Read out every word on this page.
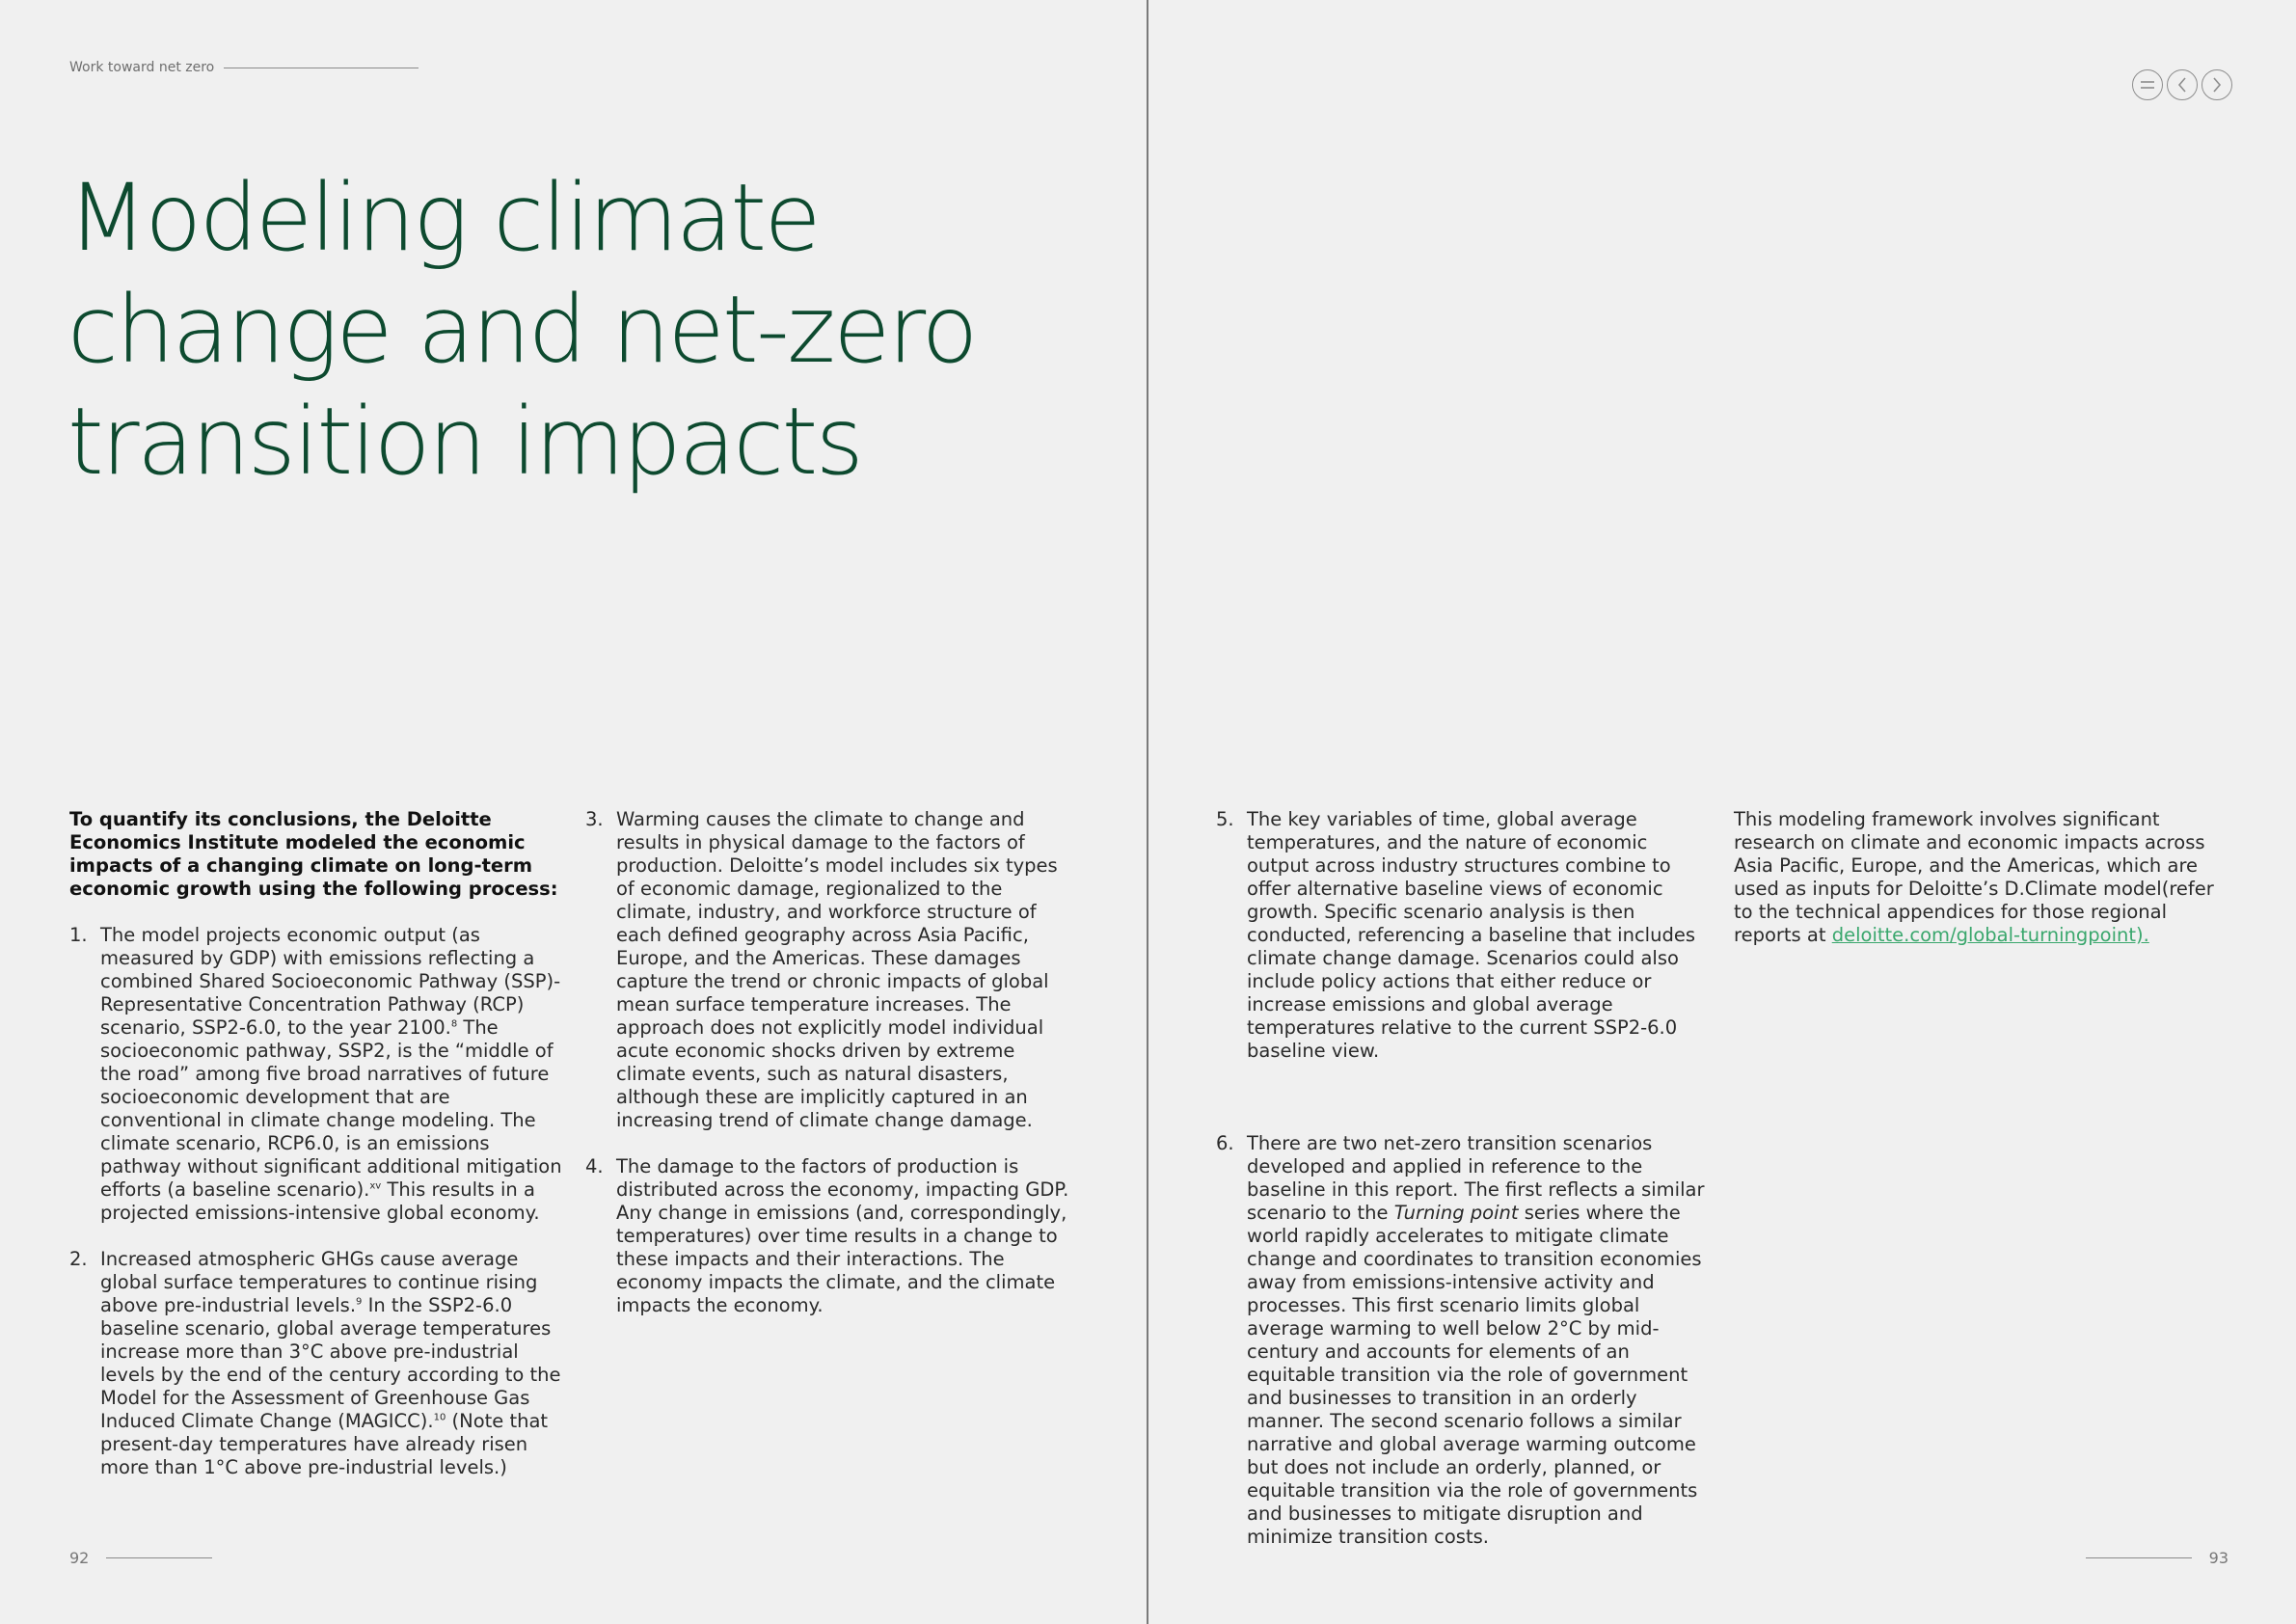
Work toward net zero
Modeling climate
change and net-zero
transition impacts

To quantify its conclusions, the Deloitte Economics Institute modeled the economic impacts of a changing climate on long-term economic growth using the following process:

1. The model projects economic output (as measured by GDP) with emissions reflecting a combined Shared Socioeconomic Pathway (SSP)-Representative Concentration Pathway (RCP) scenario, SSP2-6.0, to the year 2100.$^8$ The socioeconomic pathway, SSP2, is the “middle of the road” among five broad narratives of future socioeconomic development that are conventional in climate change modeling. The climate scenario, RCP6.0, is an emissions pathway without significant additional mitigation efforts (a baseline scenario).$^{xv}$ This results in a projected emissions-intensive global economy.

2. Increased atmospheric GHGs cause average global surface temperatures to continue rising above pre-industrial levels.$^9$ In the SSP2-6.0 baseline scenario, global average temperatures increase more than 3°C above pre-industrial levels by the end of the century according to the Model for the Assessment of Greenhouse Gas Induced Climate Change (MAGICC).$^{10}$ (Note that present-day temperatures have already risen more than 1°C above pre-industrial levels.)

3. Warming causes the climate to change and results in physical damage to the factors of production. Deloitte’s model includes six types of economic damage, regionalized to the climate, industry, and workforce structure of each defined geography across Asia Pacific, Europe, and the Americas. These damages capture the trend or chronic impacts of global mean surface temperature increases. The approach does not explicitly model individual acute economic shocks driven by extreme climate events, such as natural disasters, although these are implicitly captured in an increasing trend of climate change damage.

4. The damage to the factors of production is distributed across the economy, impacting GDP. Any change in emissions (and, correspondingly, temperatures) over time results in a change to these impacts and their interactions. The economy impacts the climate, and the climate impacts the economy.

92
5. The key variables of time, global average temperatures, and the nature of economic output across industry structures combine to offer alternative baseline views of economic growth. Specific scenario analysis is then conducted, referencing a baseline that includes climate change damage. Scenarios could also include policy actions that either reduce or increase emissions and global average temperatures relative to the current SSP2-6.0 baseline view.

6. There are two net-zero transition scenarios developed and applied in reference to the baseline in this report. The first reflects a similar scenario to the Turning point series where the world rapidly accelerates to mitigate climate change and coordinates to transition economies away from emissions-intensive activity and processes. This first scenario limits global average warming to well below 2°C by mid-century and accounts for elements of an equitable transition via the role of government and businesses to transition in an orderly manner. The second scenario follows a similar narrative and global average warming outcome but does not include an orderly, planned, or equitable transition via the role of governments and businesses to mitigate disruption and minimize transition costs.

This modeling framework involves significant research on climate and economic impacts across Asia Pacific, Europe, and the Americas, which are used as inputs for Deloitte’s D.Climate model(refer to the technical appendices for those regional reports at deloitte.com/global-turningpoint).

93
